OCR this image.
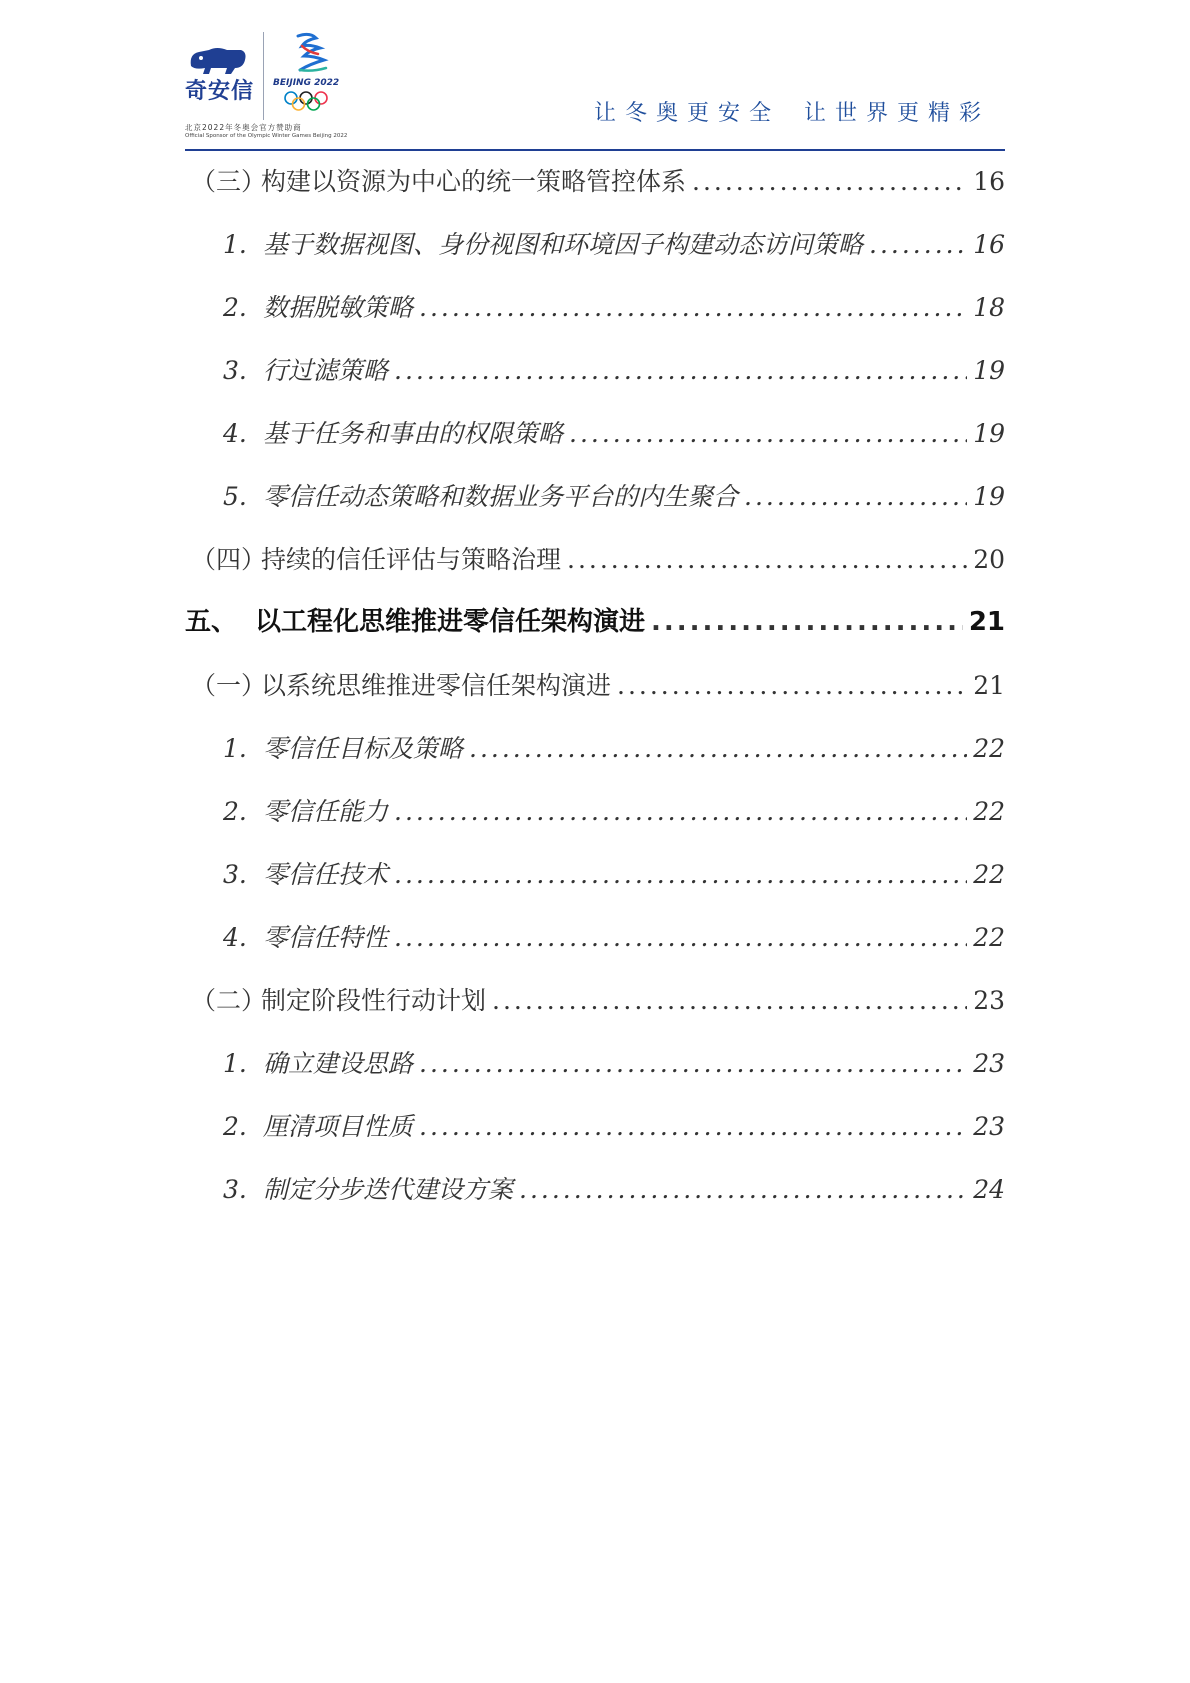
奇安信 BEIJING 2022
北京2022年冬奥会官方赞助商
Official Sponsor of the Olympic Winter Games Beijing 2022
让冬奥更安全 让世界更精彩
（三）构建以资源为中心的统一策略管控体系 .....	16
1. 基于数据视图、身份视图和环境因子构建动态访问策略 .....	16
2. 数据脱敏策略 .....	18
3. 行过滤策略 .....	19
4. 基于任务和事由的权限策略 .....	19
5. 零信任动态策略和数据业务平台的内生聚合 .....	19
（四）持续的信任评估与策略治理 .....	20
五、 以工程化思维推进零信任架构演进 .....	21
（一）以系统思维推进零信任架构演进 .....	21
1. 零信任目标及策略 .....	22
2. 零信任能力 .....	22
3. 零信任技术 .....	22
4. 零信任特性 .....	22
（二）制定阶段性行动计划 .....	23
1. 确立建设思路 .....	23
2. 厘清项目性质 .....	23
3. 制定分步迭代建设方案 .....	24
